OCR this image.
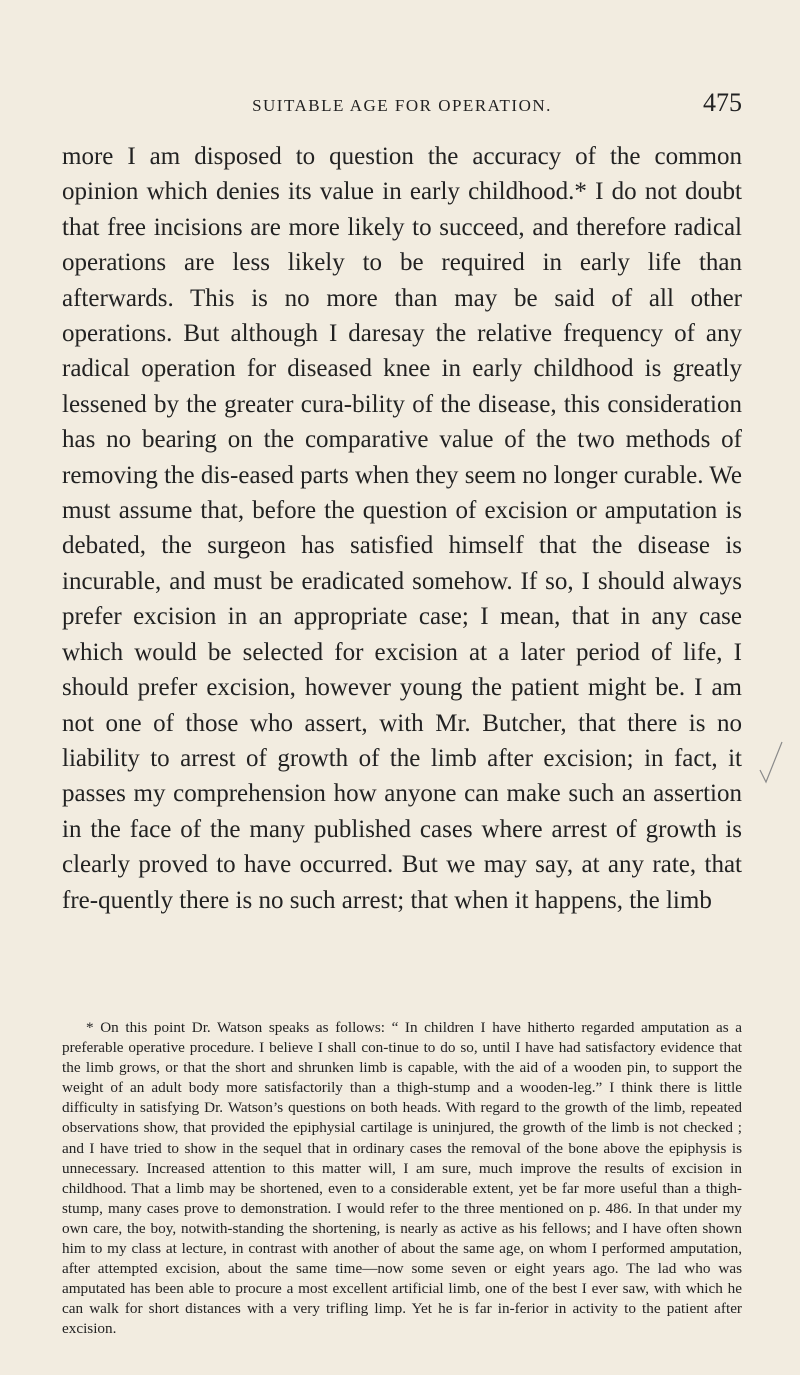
SUITABLE AGE FOR OPERATION.	475

more I am disposed to question the accuracy of the common opinion which denies its value in early childhood.* I do not doubt that free incisions are more likely to succeed, and therefore radical operations are less likely to be required in early life than afterwards. This is no more than may be said of all other operations. But although I daresay the relative frequency of any radical operation for diseased knee in early childhood is greatly lessened by the greater cura-bility of the disease, this consideration has no bearing on the comparative value of the two methods of removing the dis-eased parts when they seem no longer curable. We must assume that, before the question of excision or amputation is debated, the surgeon has satisfied himself that the disease is incurable, and must be eradicated somehow. If so, I should always prefer excision in an appropriate case; I mean, that in any case which would be selected for excision at a later period of life, I should prefer excision, however young the patient might be. I am not one of those who assert, with Mr. Butcher, that there is no liability to arrest of growth of the limb after excision; in fact, it passes my comprehension how anyone can make such an assertion in the face of the many published cases where arrest of growth is clearly proved to have occurred. But we may say, at any rate, that fre-quently there is no such arrest; that when it happens, the limb

* On this point Dr. Watson speaks as follows: “ In children I have hitherto regarded amputation as a preferable operative procedure. I believe I shall con-tinue to do so, until I have had satisfactory evidence that the limb grows, or that the short and shrunken limb is capable, with the aid of a wooden pin, to support the weight of an adult body more satisfactorily than a thigh-stump and a wooden-leg.” I think there is little difficulty in satisfying Dr. Watson’s questions on both heads. With regard to the growth of the limb, repeated observations show, that provided the epiphysial cartilage is uninjured, the growth of the limb is not checked ; and I have tried to show in the sequel that in ordinary cases the removal of the bone above the epiphysis is unnecessary. Increased attention to this matter will, I am sure, much improve the results of excision in childhood. That a limb may be shortened, even to a considerable extent, yet be far more useful than a thigh-stump, many cases prove to demonstration. I would refer to the three mentioned on p. 486. In that under my own care, the boy, notwith-standing the shortening, is nearly as active as his fellows; and I have often shown him to my class at lecture, in contrast with another of about the same age, on whom I performed amputation, after attempted excision, about the same time—now some seven or eight years ago. The lad who was amputated has been able to procure a most excellent artificial limb, one of the best I ever saw, with which he can walk for short distances with a very trifling limp. Yet he is far in-ferior in activity to the patient after excision.
